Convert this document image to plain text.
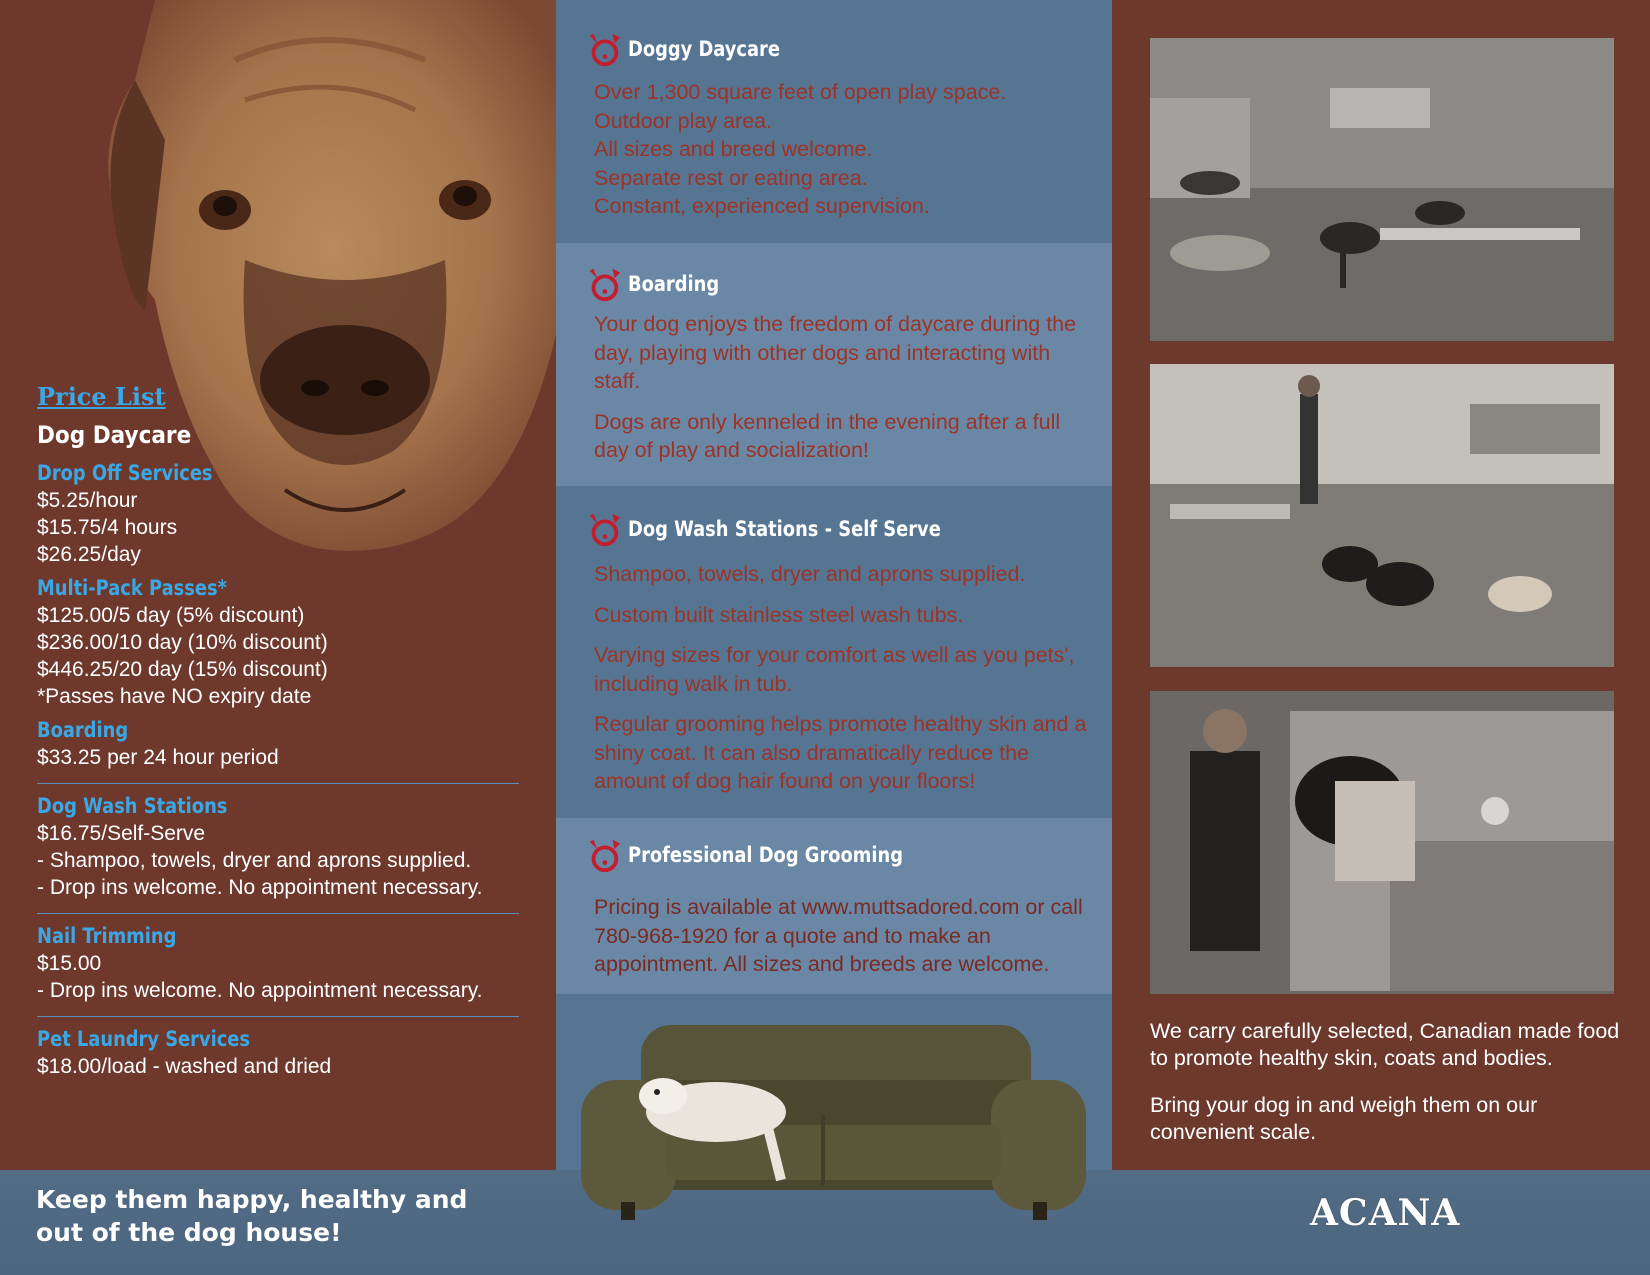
Price List
Dog Daycare
Drop Off Services
$5.25/hour
$15.75/4 hours
$26.25/day
Multi-Pack Passes*
$125.00/5 day (5% discount)
$236.00/10 day (10% discount)
$446.25/20 day (15% discount)
*Passes have NO expiry date
Boarding
$33.25 per 24 hour period
Dog Wash Stations
$16.75/Self-Serve
- Shampoo, towels, dryer and aprons supplied.
- Drop ins welcome. No appointment necessary.
Nail Trimming
$15.00
- Drop ins welcome. No appointment necessary.
Pet Laundry Services
$18.00/load - washed and dried
Keep them happy, healthy and
out of the dog house!
Doggy Daycare
Over 1,300 square feet of open play space.
Outdoor play area.
All sizes and breed welcome.
Separate rest or eating area.
Constant, experienced supervision.
Boarding

Your dog enjoys the freedom of daycare during the day, playing with other dogs and interacting with staff.

Dogs are only kenneled in the evening after a full day of play and socialization!

Dog Wash Stations - Self Serve

Shampoo, towels, dryer and aprons supplied.

Custom built stainless steel wash tubs.

Varying sizes for your comfort as well as you pets', including walk in tub.

Regular grooming helps promote healthy skin and a shiny coat. It can also dramatically reduce the amount of dog hair found on your floors!

Professional Dog Grooming

Pricing is available at www.muttsadored.com or call 780-968-1920 for a quote and to make an appointment. All sizes and breeds are welcome.

We carry carefully selected, Canadian made food to promote healthy skin, coats and bodies.

Bring your dog in and weigh them on our convenient scale.

ACANA
